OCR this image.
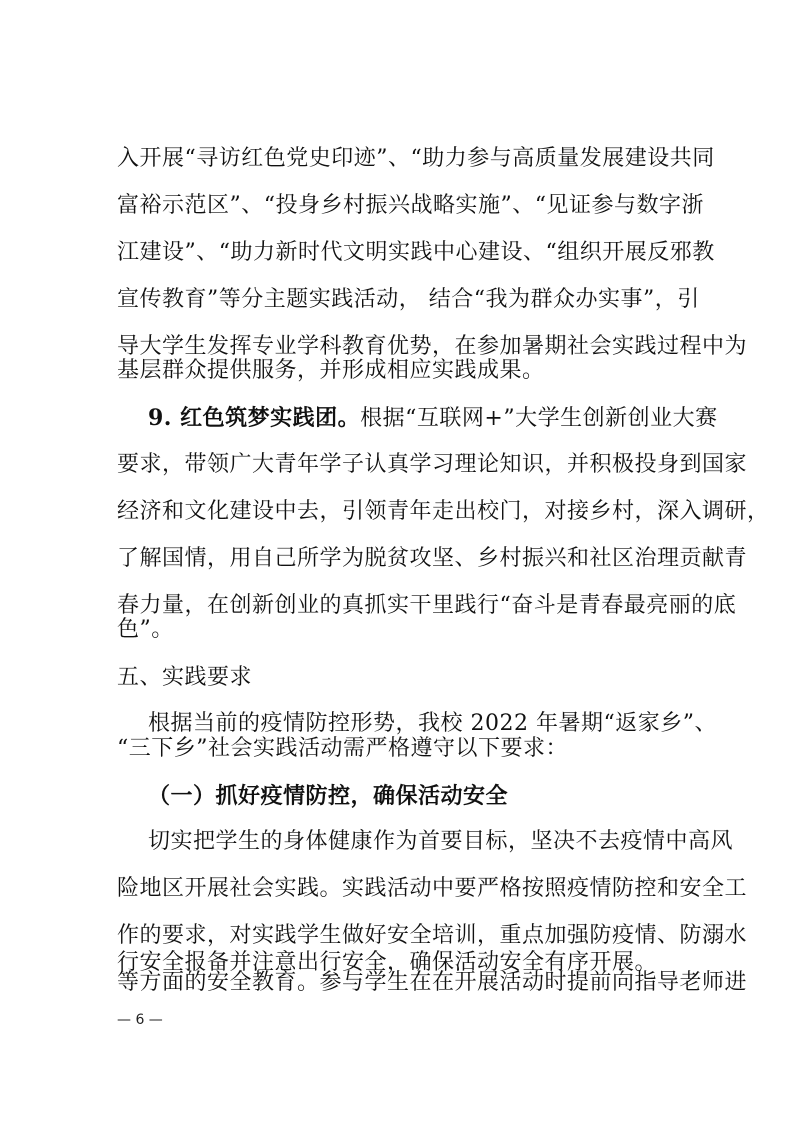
入开展“寻访红色党史印迹”、“助力参与高质量发展建设共同
富裕示范区”、“投身乡村振兴战略实施”、“见证参与数字浙
江建设”、“助力新时代文明实践中心建设、“组织开展反邪教
宣传教育”等分主题实践活动， 结合“我为群众办实事”，引
导大学生发挥专业学科教育优势，在参加暑期社会实践过程中为
基层群众提供服务，并形成相应实践成果。
9. 红色筑梦实践团。根据“互联网+”大学生创新创业大赛
要求，带领广大青年学子认真学习理论知识，并积极投身到国家
经济和文化建设中去，引领青年走出校门，对接乡村，深入调研，
了解国情，用自己所学为脱贫攻坚、乡村振兴和社区治理贡献青
春力量，在创新创业的真抓实干里践行“奋斗是青春最亮丽的底
色”。
五、实践要求
根据当前的疫情防控形势，我校 2022 年暑期“返家乡”、
“三下乡”社会实践活动需严格遵守以下要求：
（一）抓好疫情防控，确保活动安全
切实把学生的身体健康作为首要目标，坚决不去疫情中高风
险地区开展社会实践。实践活动中要严格按照疫情防控和安全工
作的要求，对实践学生做好安全培训，重点加强防疫情、防溺水
等方面的安全教育。参与学生在在开展活动时提前向指导老师进
行安全报备并注意出行安全，确保活动安全有序开展。
— 6 —
